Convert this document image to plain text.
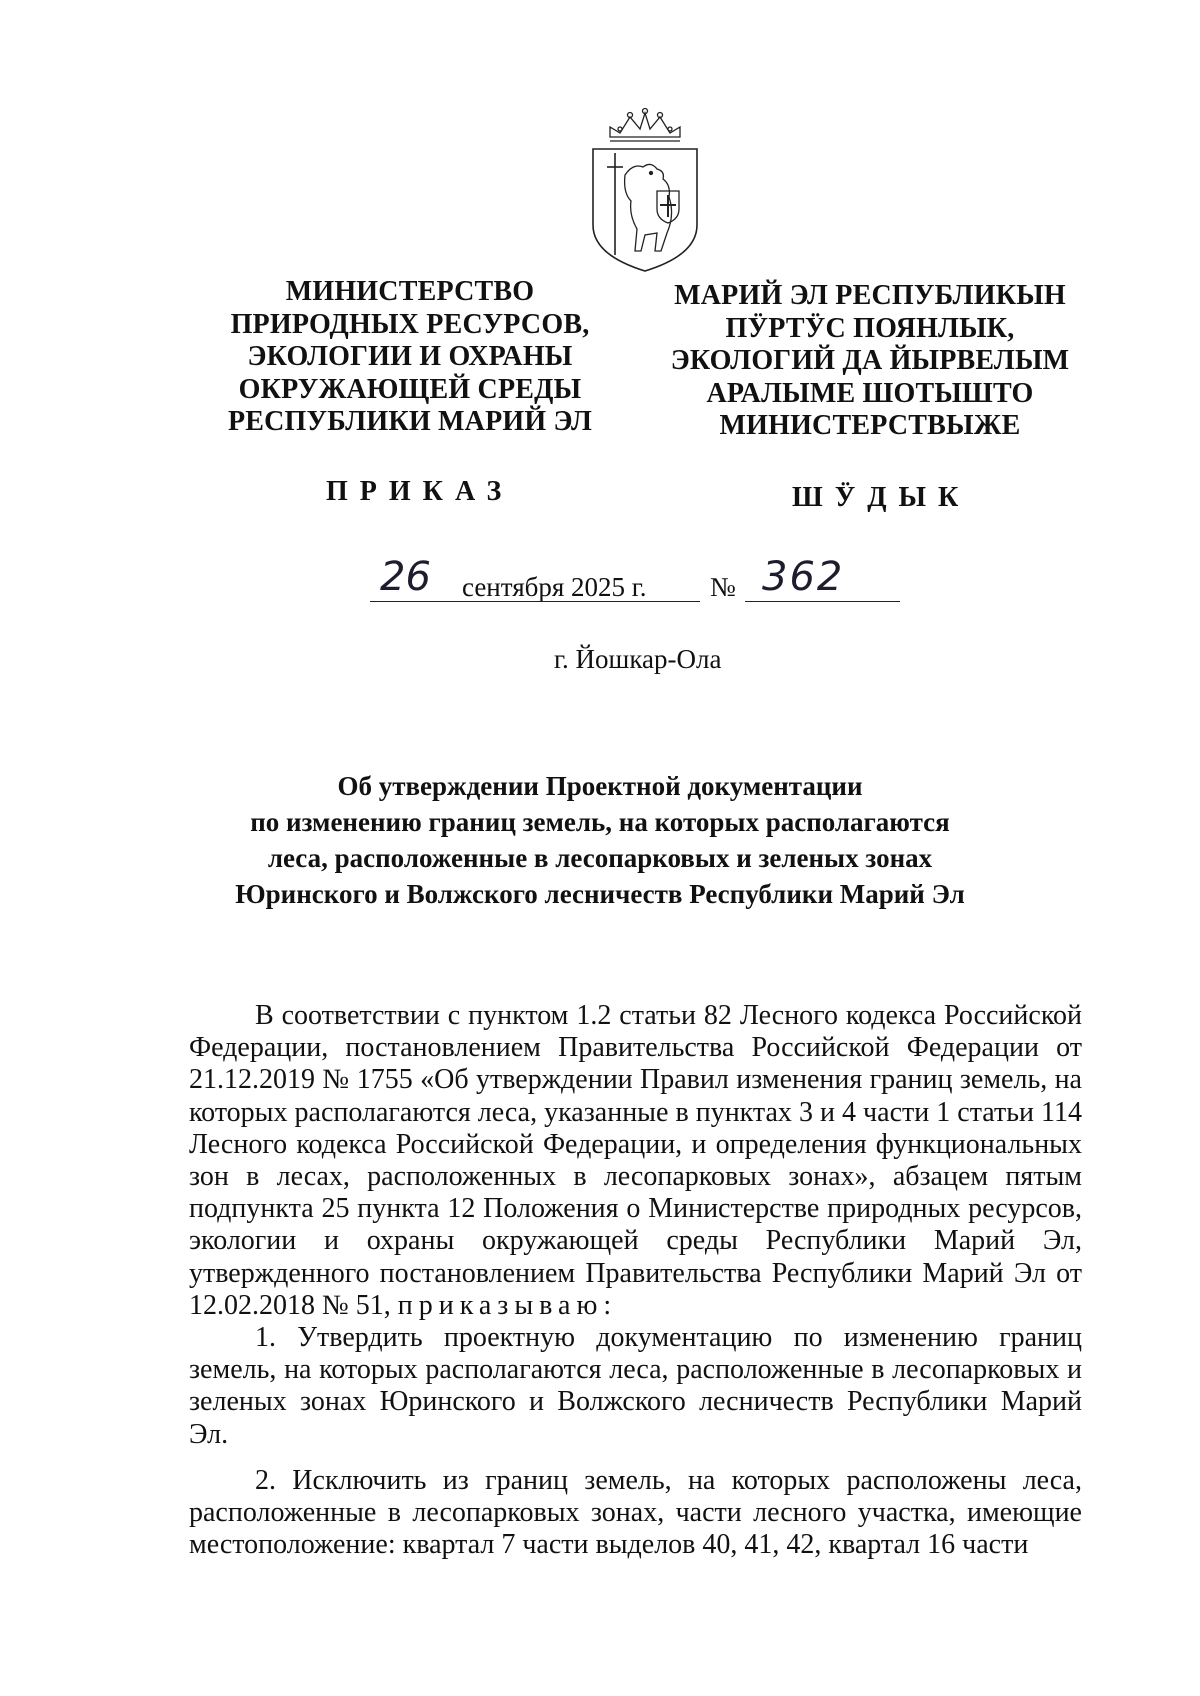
МИНИСТЕРСТВО
ПРИРОДНЫХ РЕСУРСОВ,
ЭКОЛОГИИ И ОХРАНЫ
ОКРУЖАЮЩЕЙ СРЕДЫ
РЕСПУБЛИКИ МАРИЙ ЭЛ
МАРИЙ ЭЛ РЕСПУБЛИКЫН
ПӰРТӰС ПОЯНЛЫК,
ЭКОЛОГИЙ ДА ЙЫРВЕЛЫМ
АРАЛЫМЕ ШОТЫШТО
МИНИСТЕРСТВЫЖЕ
ПРИКАЗ	ШӰДЫК
26 сентября 2025 г. № 362
г. Йошкар-Ола
Об утверждении Проектной документации
по изменению границ земель, на которых располагаются
леса, расположенные в лесопарковых и зеленых зонах
Юринского и Волжского лесничеств Республики Марий Эл

В соответствии с пунктом 1.2 статьи 82 Лесного кодекса Российской Федерации, постановлением Правительства Российской Федерации от 21.12.2019 № 1755 «Об утверждении Правил изменения границ земель, на которых располагаются леса, указанные в пунктах 3 и 4 части 1 статьи 114 Лесного кодекса Российской Федерации, и определения функциональных зон в лесах, расположенных в лесопарковых зонах», абзацем пятым подпункта 25 пункта 12 Положения о Министерстве природных ресурсов, экологии и охраны окружающей среды Республики Марий Эл, утвержденного постановлением Правительства Республики Марий Эл от 12.02.2018 № 51, приказываю:

1. Утвердить проектную документацию по изменению границ земель, на которых располагаются леса, расположенные в лесопарковых и зеленых зонах Юринского и Волжского лесничеств Республики Марий Эл.

2. Исключить из границ земель, на которых расположены леса, расположенные в лесопарковых зонах, части лесного участка, имеющие местоположение: квартал 7 части выделов 40, 41, 42, квартал 16 части
